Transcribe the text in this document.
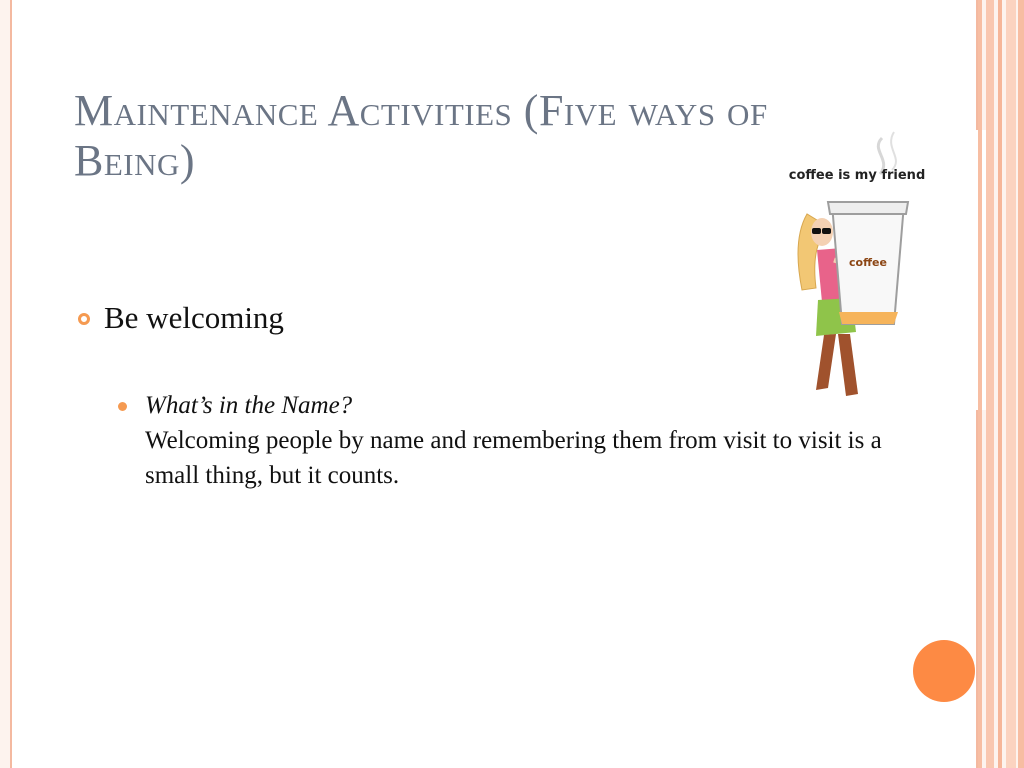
Maintenance Activities (Five ways of Being)
Be welcoming
What’s in the Name?
Welcoming people by name and remembering them from visit to visit is a small thing, but it counts.
coffee is my friend
coffee
